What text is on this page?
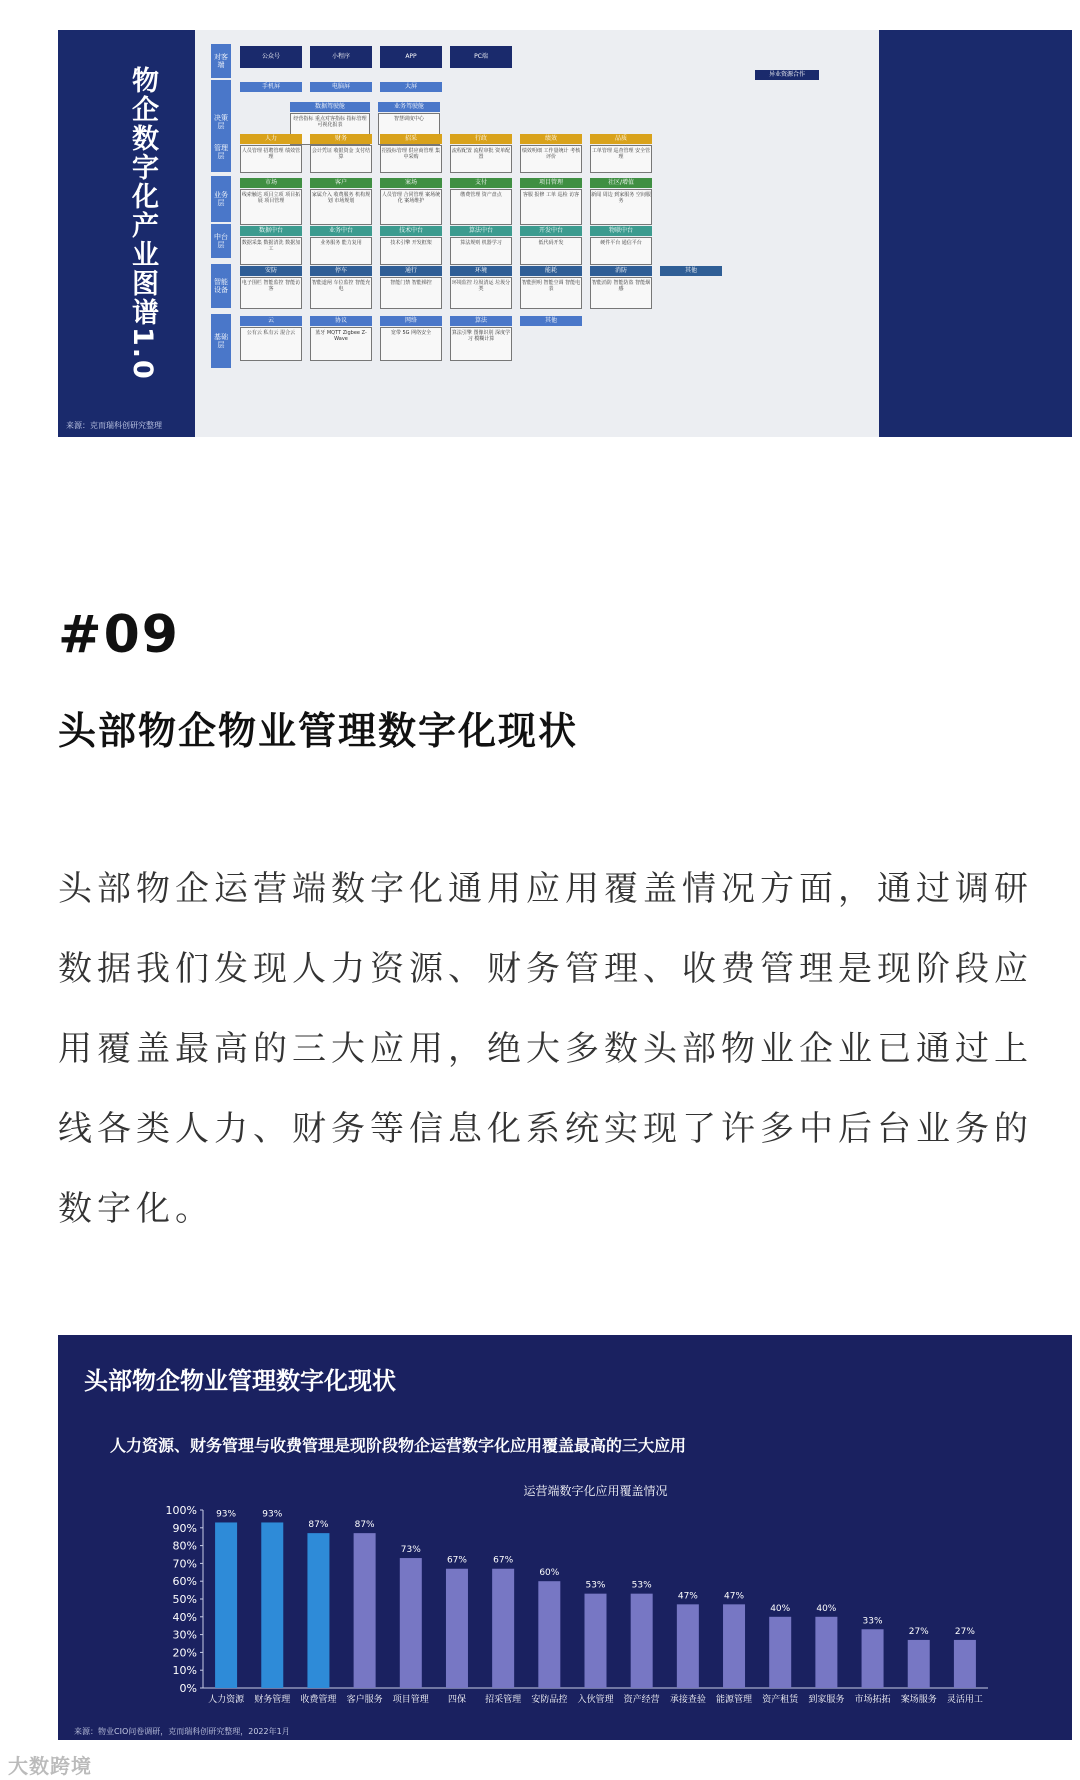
物企数字化产业图谱1.0
来源：克而瑞科创研究整理
对客端
公众号	小程序	APP	PC端
决策层
手机屏	电脑屏	大屏
数据驾驶舱
经营指标 重点对客指标 指标管理 可视化报表
业务驾驶舱
智慧调度中心
管理层
人力
人员管理 招聘管理 绩效管理
财务
会计凭证 收银资金 支付结算
招采
招投标管理 供应商管理 集中采购
行政
流程配置 流程审批 资单配置
绩效
绩效明细 工作量统计 考核评价
品质
工单管理 巡查管理 安全管理
业务层
市场
线索触达 项目立项 项目拓展 项目管理
客户
家属介入 收费服务 机构规划 市场规划
案场
人员管理 合同管理 案场统化 案场维护
支付
缴费管理 资产盘点
项目管理
客服 报修 工单 巡检 访客
社区/增值
新闻 周边 到家服务 空间服务
中台层
数据中台
数据采集 数据清洗 数据加工
业务中台
业务服务 能力复用
技术中台
技术引擎 开发框架
算法中台
算法规则 机器学习
开发中台
低代码开发
物联中台
硬件平台 通信平台
智能设备
安防
电子围栏 智能监控 智能访客
停车
智能道闸 车位监控 智能充电
通行
智能门禁 智能梯控
环境
环境监控 垃圾清运 垃圾分类
能耗
智能照明 智能空调 智能电表
消防
智能消防 智能防盗 智能烟感
其他
基础层
云
公有云 私有云 混合云
协议
蓝牙 MQTT Zigbee Z-Wave
网络
宽带 5G 网络安全
算法
算法引擎 图像识别 深度学习 模糊计算
其他
异业资源合作
#09
头部物企物业管理数字化现状
头部物企运营端数字化通用应用覆盖情况方面，通过调研数据我们发现人力资源、财务管理、收费管理是现阶段应用覆盖最高的三大应用，绝大多数头部物业企业已通过上线各类人力、财务等信息化系统实现了许多中后台业务的数字化。
头部物企物业管理数字化现状
人力资源、财务管理与收费管理是现阶段物企运营数字化应用覆盖最高的三大应用
运营端数字化应用覆盖情况
0%
10%
20%
30%
40%
50%
60%
70%
80%
90%
100% 93%
人力资源
93%
财务管理
87%
收费管理
87%
客户服务
73%
项目管理
67%
四保
67%
招采管理
60%
安防品控
53%
入伙管理
53%
资产经营
47%
承接查验
47%
能源管理
40%
资产租赁
40%
到家服务
33%
市场拓拓
27%
案场服务
27%
灵活用工
来源：物业CIO问卷调研，克而瑞科创研究整理，2022年1月
大数跨境
